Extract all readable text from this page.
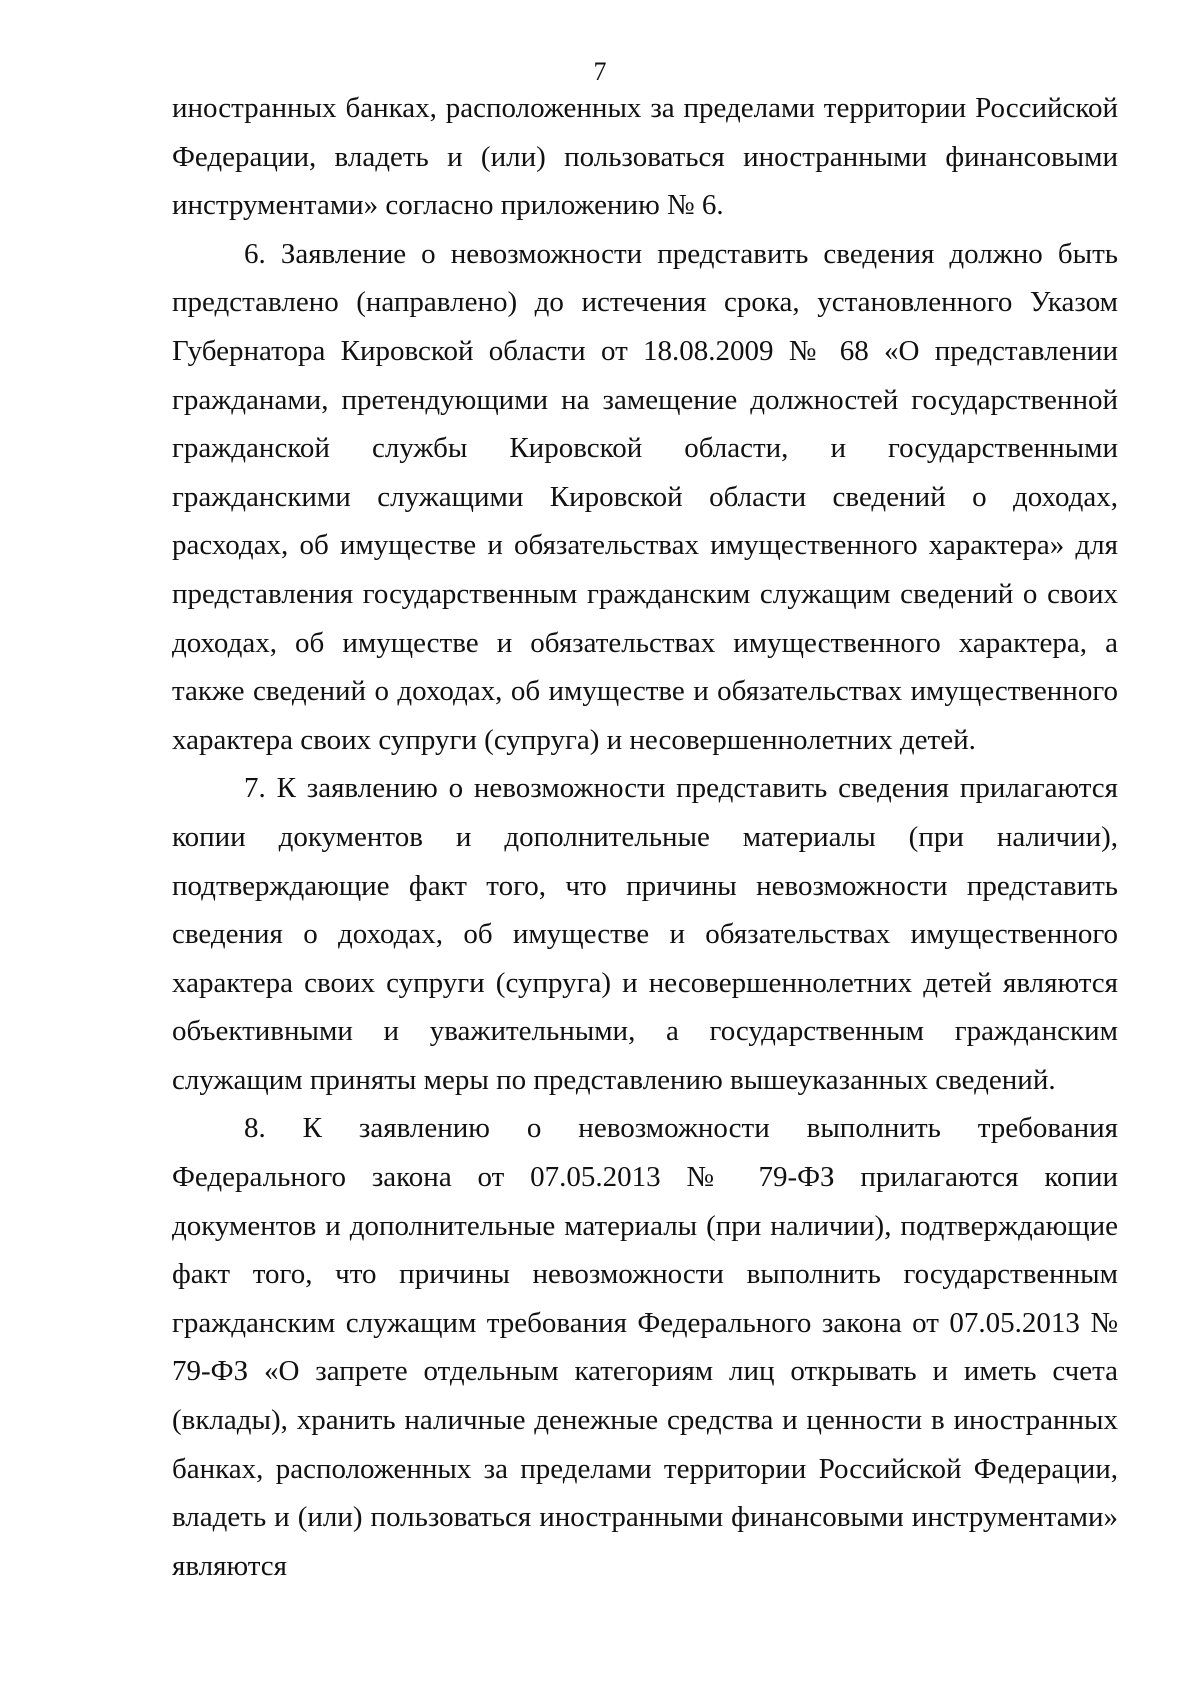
7

иностранных банках, расположенных за пределами территории Российской Федерации, владеть и (или) пользоваться иностранными финансовыми инструментами» согласно приложению № 6.

6. Заявление о невозможности представить сведения должно быть представлено (направлено) до истечения срока, установленного Указом Губернатора Кировской области от 18.08.2009 № 68 «О представлении гражданами, претендующими на замещение должностей государственной гражданской службы Кировской области, и государственными гражданскими служащими Кировской области сведений о доходах, расходах, об имуществе и обязательствах имущественного характера» для представления государственным гражданским служащим сведений о своих доходах, об имуществе и обязательствах имущественного характера, а также сведений о доходах, об имуществе и обязательствах имущественного характера своих супруги (супруга) и несовершеннолетних детей.

7. К заявлению о невозможности представить сведения прилагаются копии документов и дополнительные материалы (при наличии), подтверждающие факт того, что причины невозможности представить сведения о доходах, об имуществе и обязательствах имущественного характера своих супруги (супруга) и несовершеннолетних детей являются объективными и уважительными, а государственным гражданским служащим приняты меры по представлению вышеуказанных сведений.

8. К заявлению о невозможности выполнить требования Федерального закона от 07.05.2013 № 79-ФЗ прилагаются копии документов и дополнительные материалы (при наличии), подтверждающие факт того, что причины невозможности выполнить государственным гражданским служащим требования Федерального закона от 07.05.2013 № 79-ФЗ «О запрете отдельным категориям лиц открывать и иметь счета (вклады), хранить наличные денежные средства и ценности в иностранных банках, расположенных за пределами территории Российской Федерации, владеть и (или) пользоваться иностранными финансовыми инструментами» являются
